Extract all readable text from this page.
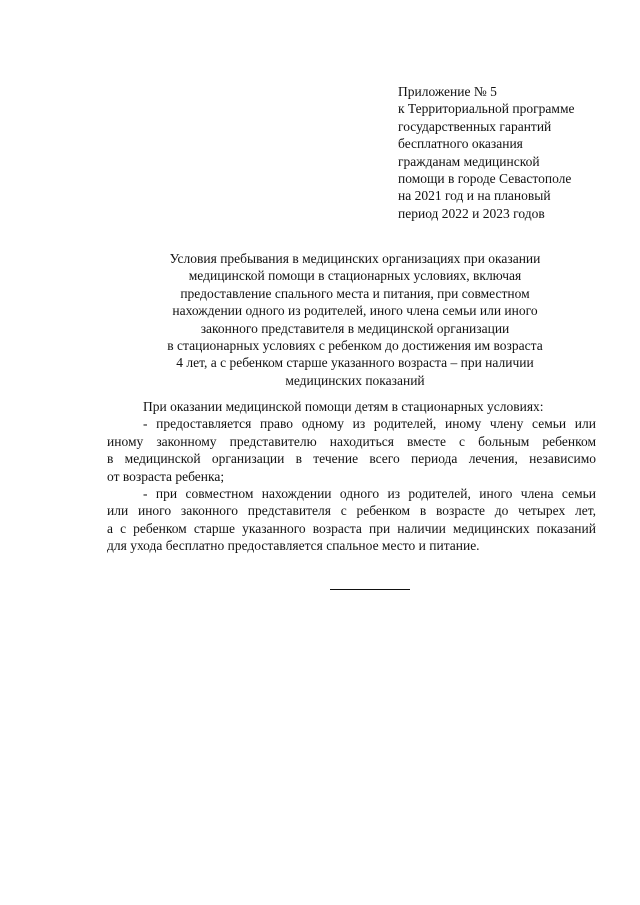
Приложение № 5
к Территориальной программе
государственных гарантий
бесплатного оказания
гражданам медицинской
помощи в городе Севастополе
на 2021 год и на плановый
период 2022 и 2023 годов
Условия пребывания в медицинских организациях при оказании
медицинской помощи в стационарных условиях, включая
предоставление спального места и питания, при совместном
нахождении одного из родителей, иного члена семьи или иного
законного представителя в медицинской организации
в стационарных условиях с ребенком до достижения им возраста
4 лет, а с ребенком старше указанного возраста – при наличии
медицинских показаний
При оказании медицинской помощи детям в стационарных условиях:
- предоставляется право одному из родителей, иному члену семьи или
иному законному представителю находиться вместе с больным ребенком
в медицинской организации в течение всего периода лечения, независимо
от возраста ребенка;
- при совместном нахождении одного из родителей, иного члена семьи
или иного законного представителя с ребенком в возрасте до четырех лет,
а с ребенком старше указанного возраста при наличии медицинских показаний
для ухода бесплатно предоставляется спальное место и питание.
